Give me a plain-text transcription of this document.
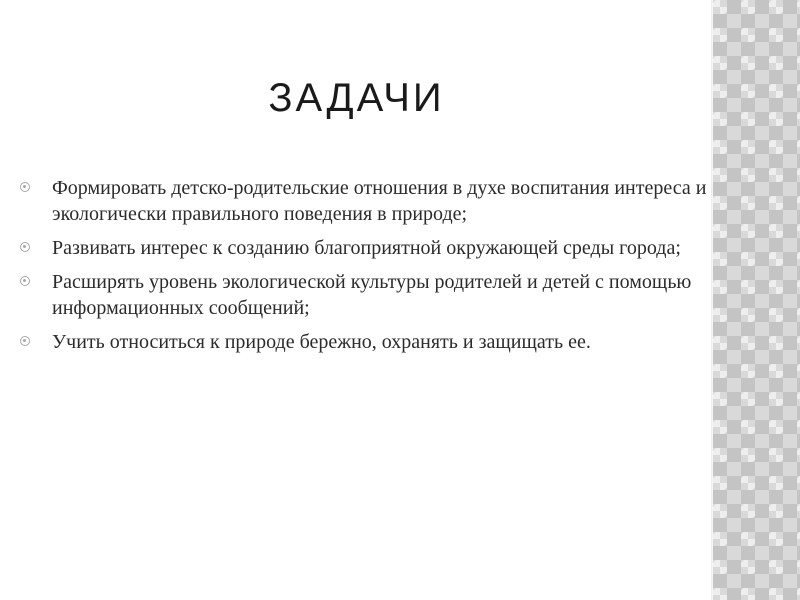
ЗАДАЧИ
Формировать детско-родительские отношения в духе воспитания интереса и экологически правильного поведения в природе;
Развивать интерес к созданию благоприятной окружающей среды города;
Расширять уровень экологической культуры родителей и детей с помощью информационных сообщений;
Учить относиться к природе бережно, охранять и защищать ее.
